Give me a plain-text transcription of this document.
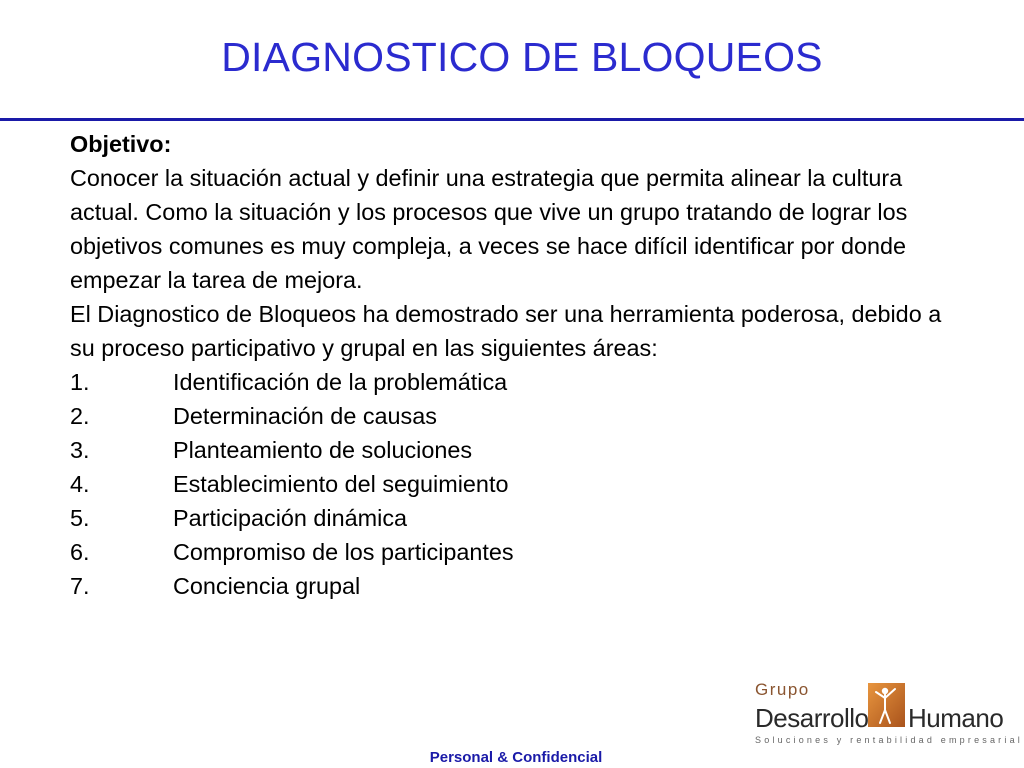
DIAGNOSTICO DE BLOQUEOS
Objetivo:

Conocer la situación actual y definir una estrategia que permita alinear la cultura actual. Como la situación y los procesos que vive un grupo tratando de lograr los objetivos comunes es muy compleja, a veces se hace difícil identificar por donde empezar la tarea de mejora.

El Diagnostico de Bloqueos ha demostrado ser una herramienta poderosa, debido a su proceso participativo y grupal en las siguientes áreas:

1.	Identificación de la problemática
2.	Determinación de causas
3.	Planteamiento de soluciones
4.	Establecimiento del seguimiento
5.	Participación dinámica
6.	Compromiso de los participantes
7.	Conciencia grupal
Grupo
Desarrollo Humano
Soluciones y rentabilidad empresarial
Personal & Confidencial
